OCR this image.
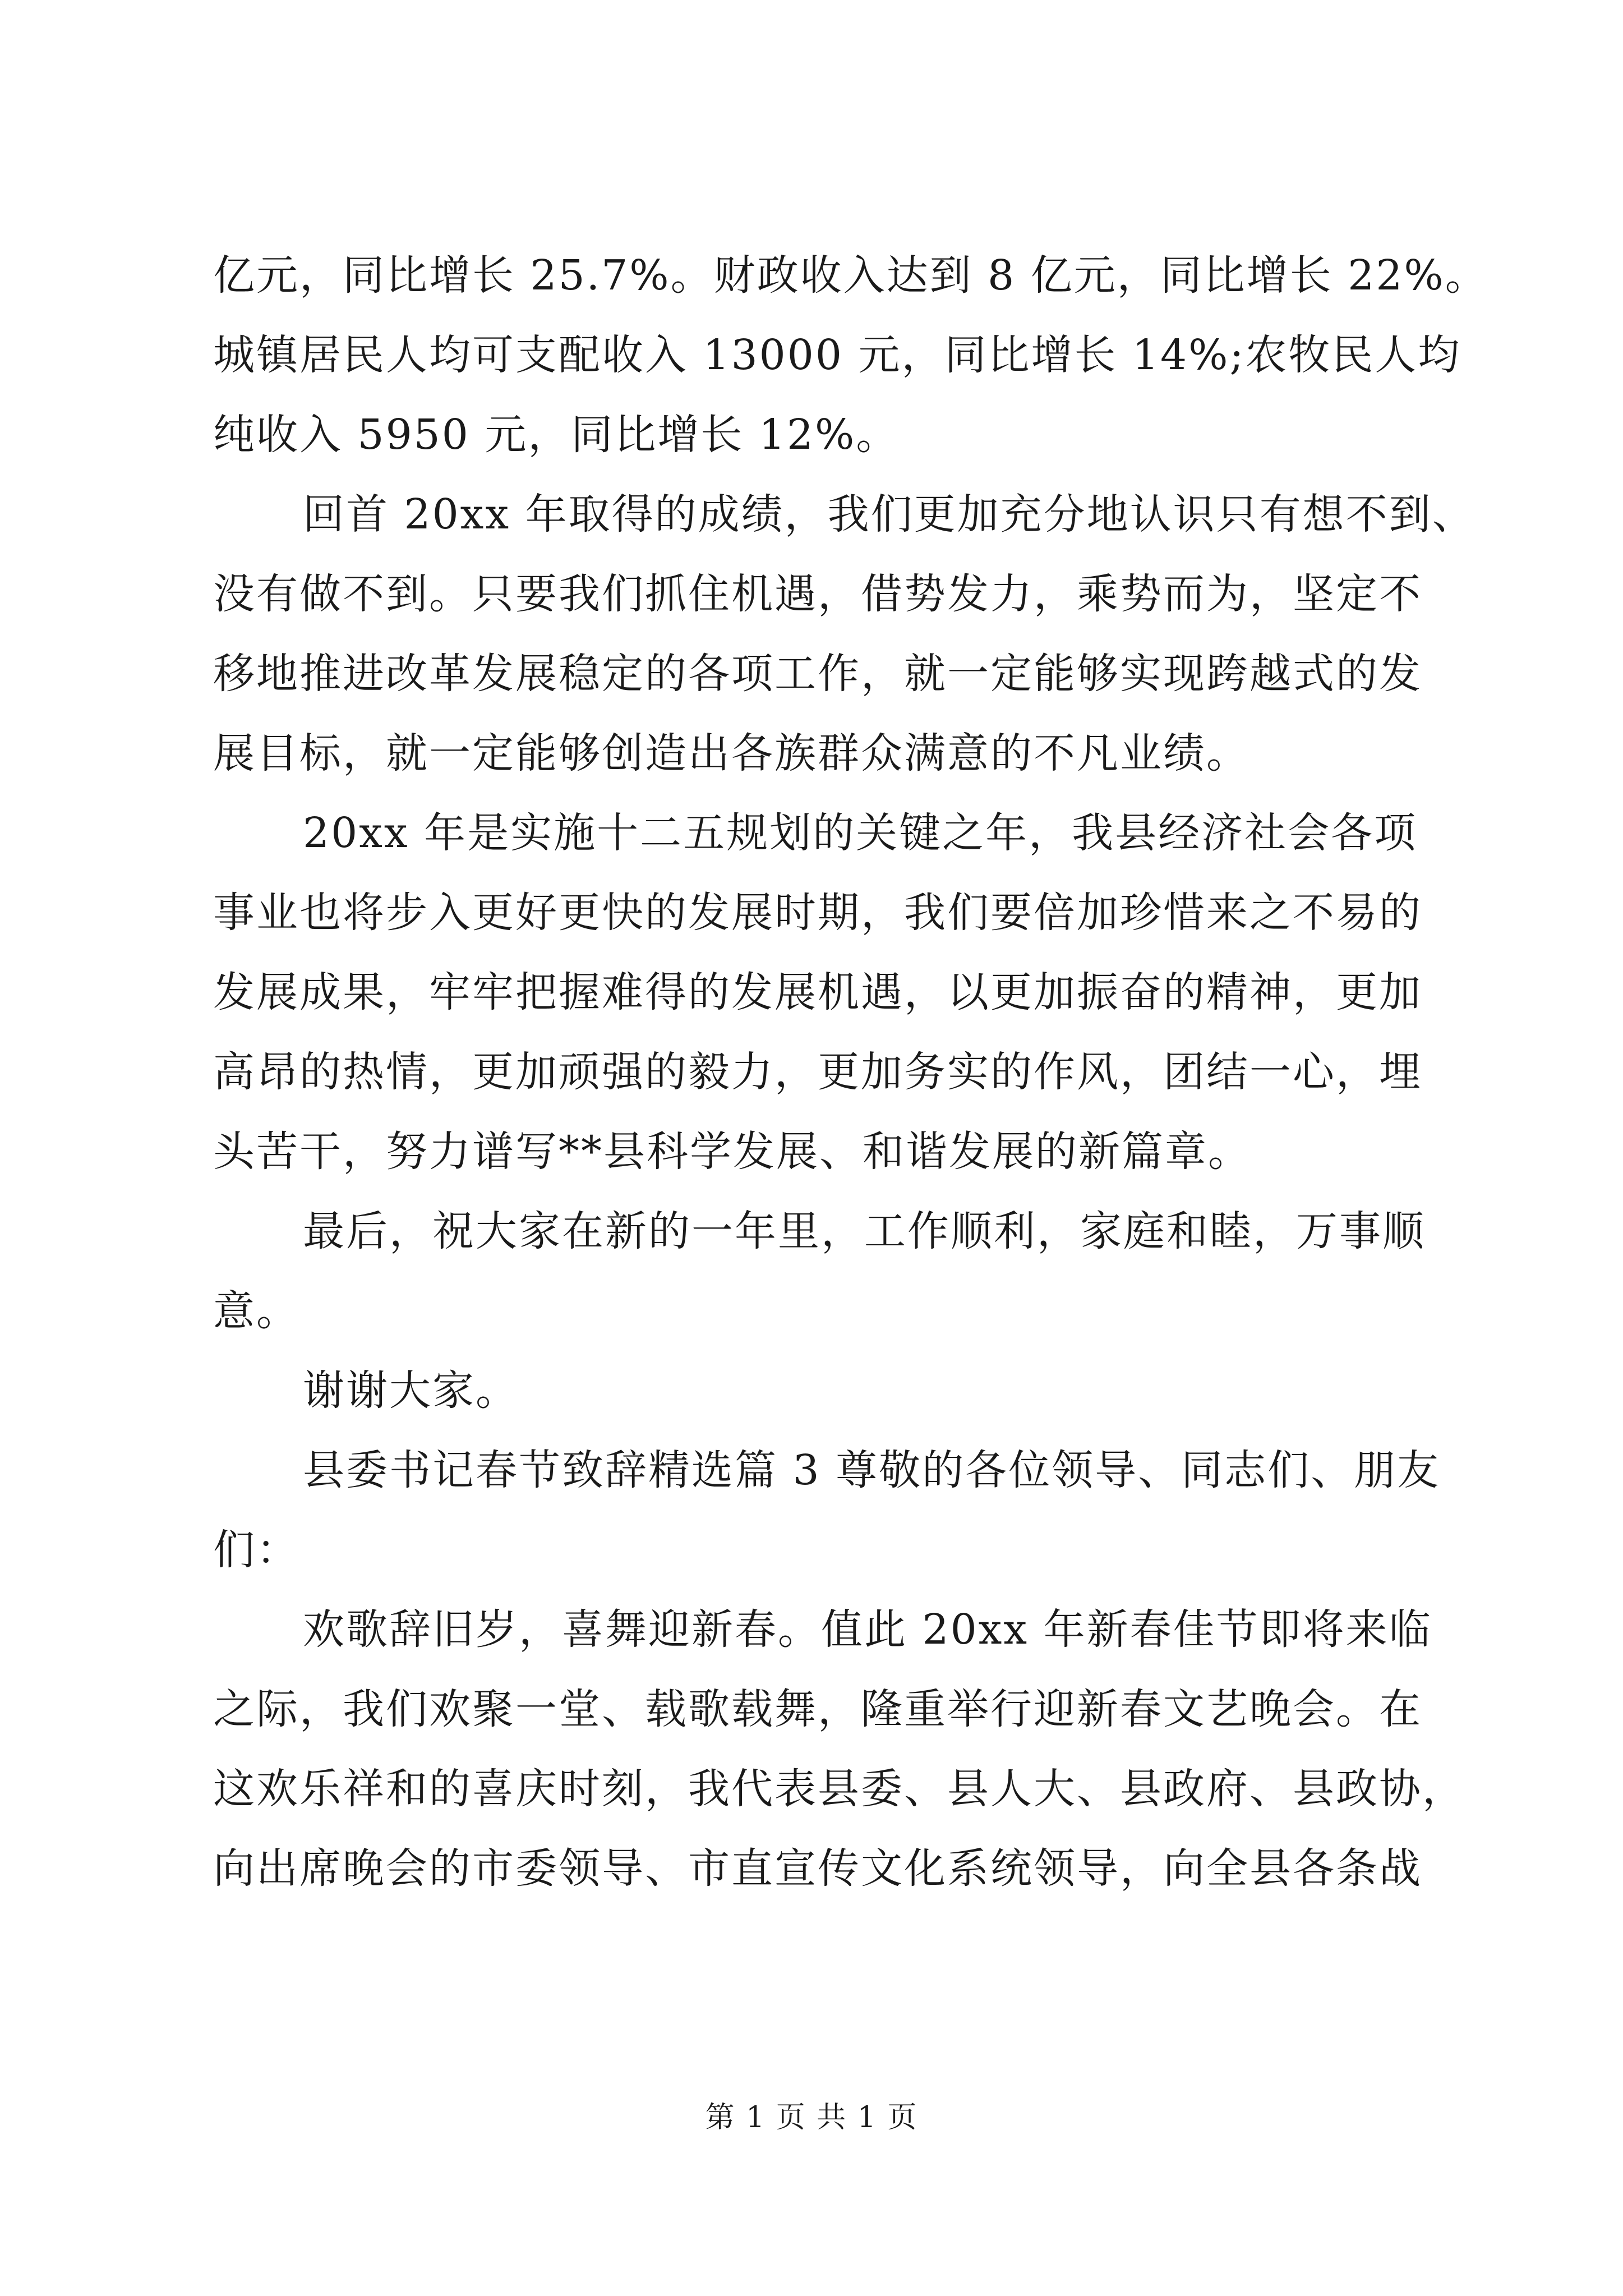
亿元，同比增长 25.7%。财政收入达到 8 亿元，同比增长 22%。
城镇居民人均可支配收入 13000 元，同比增长 14%;农牧民人均
纯收入 5950 元，同比增长 12%。
回首 20xx 年取得的成绩，我们更加充分地认识只有想不到、
没有做不到。只要我们抓住机遇，借势发力，乘势而为，坚定不
移地推进改革发展稳定的各项工作，就一定能够实现跨越式的发
展目标，就一定能够创造出各族群众满意的不凡业绩。
20xx 年是实施十二五规划的关键之年，我县经济社会各项
事业也将步入更好更快的发展时期，我们要倍加珍惜来之不易的
发展成果，牢牢把握难得的发展机遇，以更加振奋的精神，更加
高昂的热情，更加顽强的毅力，更加务实的作风，团结一心，埋
头苦干，努力谱写**县科学发展、和谐发展的新篇章。
最后，祝大家在新的一年里，工作顺利，家庭和睦，万事顺
意。
谢谢大家。
县委书记春节致辞精选篇 3 尊敬的各位领导、同志们、朋友
们：
欢歌辞旧岁，喜舞迎新春。值此 20xx 年新春佳节即将来临
之际，我们欢聚一堂、载歌载舞，隆重举行迎新春文艺晚会。在
这欢乐祥和的喜庆时刻，我代表县委、县人大、县政府、县政协，
向出席晚会的市委领导、市直宣传文化系统领导，向全县各条战
第 1 页 共 1 页
